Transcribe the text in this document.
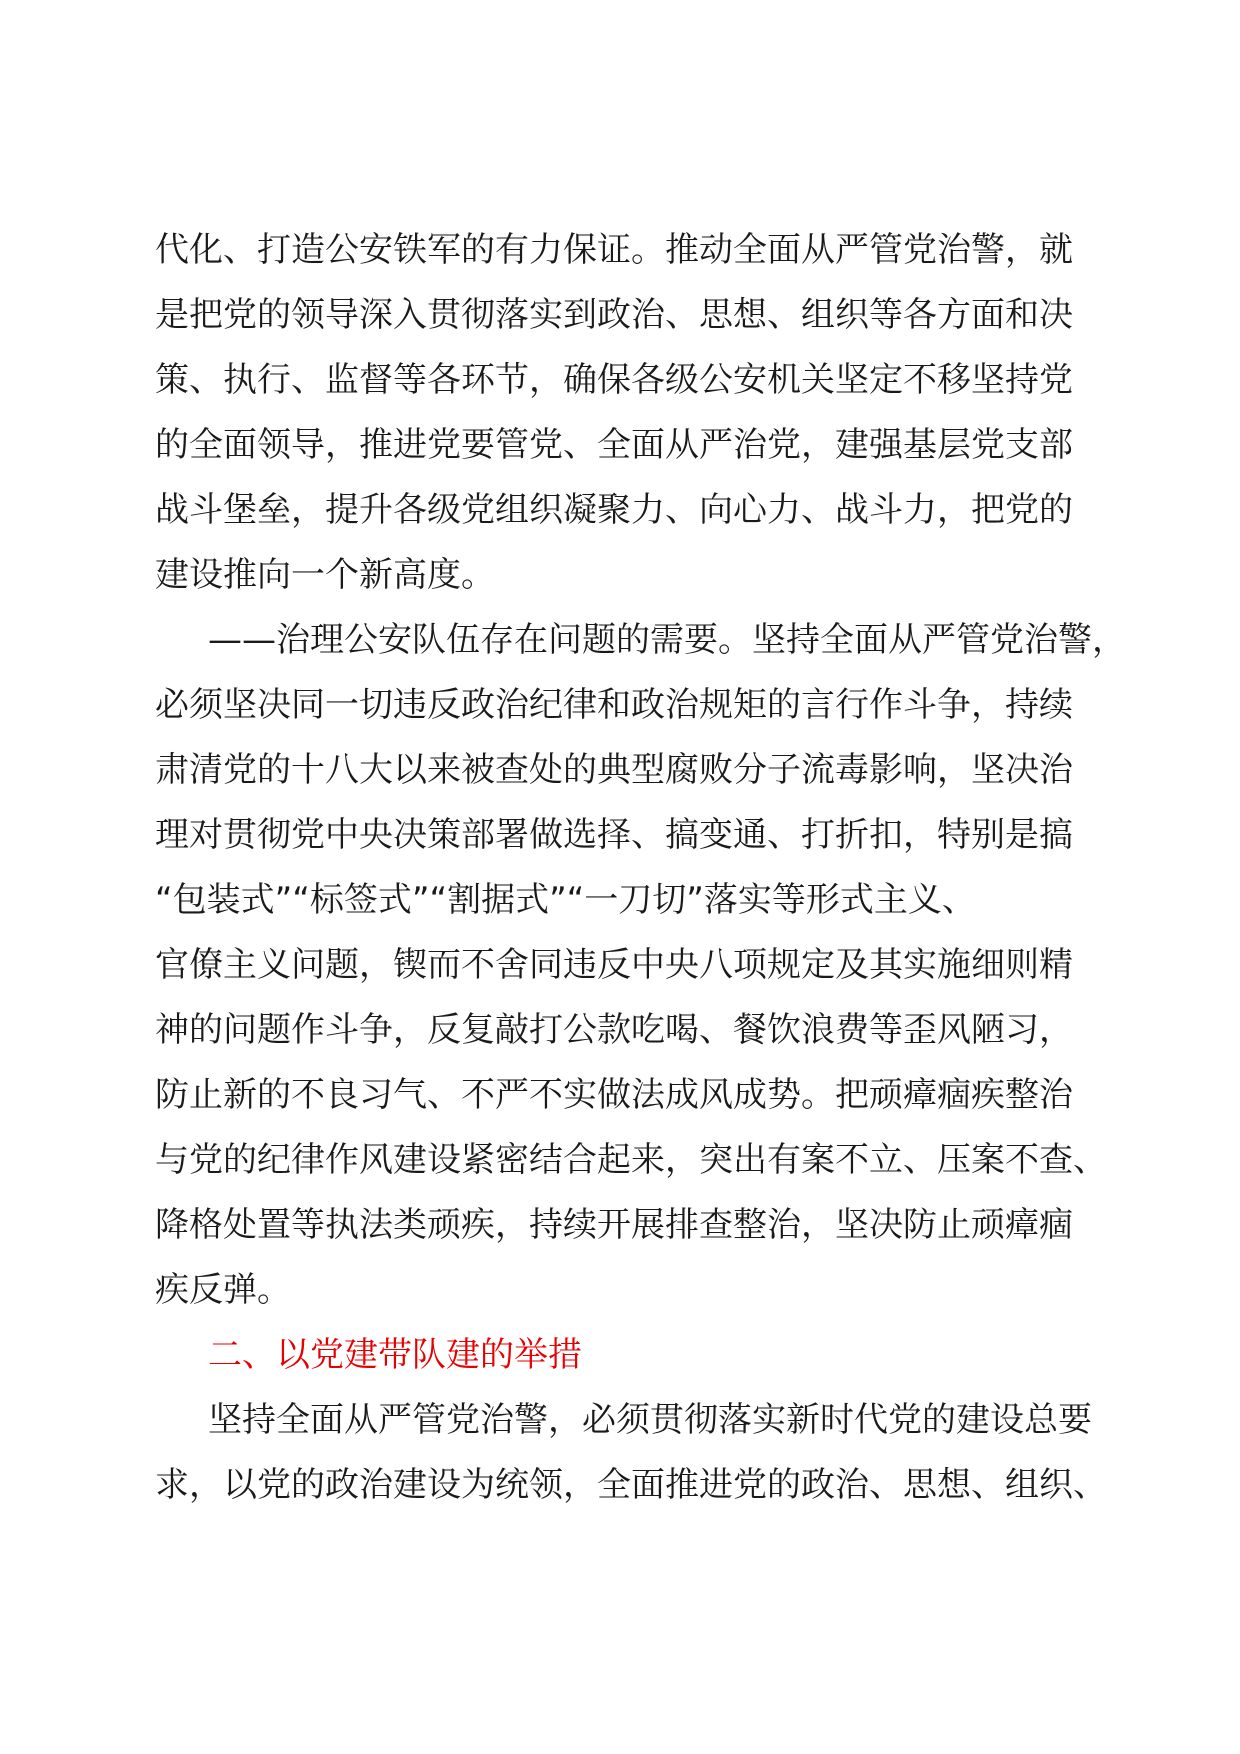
代化、打造公安铁军的有力保证。推动全面从严管党治警，就
是把党的领导深入贯彻落实到政治、思想、组织等各方面和决
策、执行、监督等各环节，确保各级公安机关坚定不移坚持党
的全面领导，推进党要管党、全面从严治党，建强基层党支部
战斗堡垒，提升各级党组织凝聚力、向心力、战斗力，把党的
建设推向一个新高度。
——治理公安队伍存在问题的需要。坚持全面从严管党治警，
必须坚决同一切违反政治纪律和政治规矩的言行作斗争，持续
肃清党的十八大以来被查处的典型腐败分子流毒影响，坚决治
理对贯彻党中央决策部署做选择、搞变通、打折扣，特别是搞
“包装式”“标签式”“割据式”“一刀切”落实等形式主义、
官僚主义问题，锲而不舍同违反中央八项规定及其实施细则精
神的问题作斗争，反复敲打公款吃喝、餐饮浪费等歪风陋习，
防止新的不良习气、不严不实做法成风成势。把顽瘴痼疾整治
与党的纪律作风建设紧密结合起来，突出有案不立、压案不查、
降格处置等执法类顽疾，持续开展排查整治，坚决防止顽瘴痼
疾反弹。
二、以党建带队建的举措
坚持全面从严管党治警，必须贯彻落实新时代党的建设总要
求，以党的政治建设为统领，全面推进党的政治、思想、组织、
